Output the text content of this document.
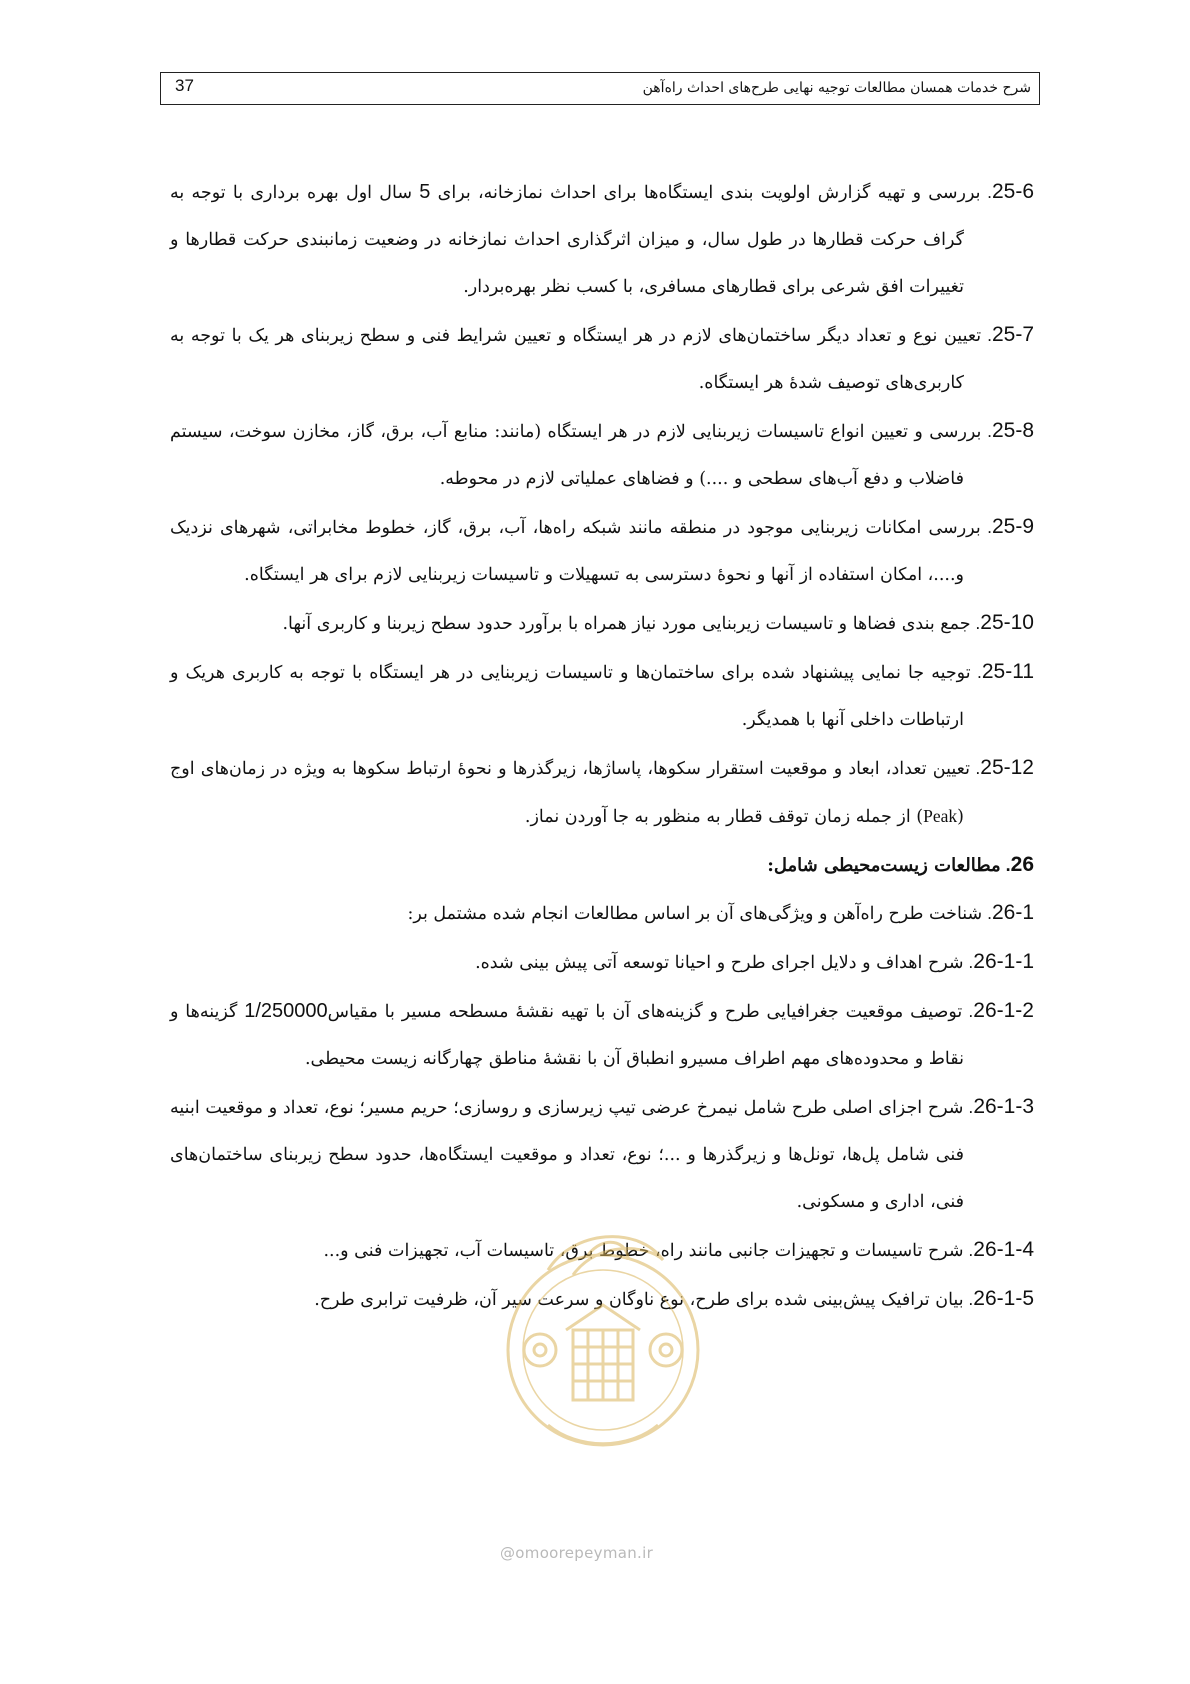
37	شرح خدمات همسان مطالعات توجیه نهایی طرح‌های احداث راه‌آهن

25-6. بررسی و تهیه گزارش اولویت بندی ایستگاه‌ها برای احداث نمازخانه، برای 5 سال اول بهره برداری با توجه به گراف حرکت قطارها در طول سال، و میزان اثرگذاری احداث نمازخانه در وضعیت زمانبندی حرکت قطارها و تغییرات افق شرعی برای قطارهای مسافری، با کسب نظر بهره‌بردار.

25-7. تعیین نوع و تعداد دیگر ساختمان‌های لازم در هر ایستگاه و تعیین شرایط فنی و سطح زیربنای هر یک با توجه به کاربری‌های توصیف شدهٔ هر ایستگاه.

25-8. بررسی و تعیین انواع تاسیسات زیربنایی لازم در هر ایستگاه (مانند: منابع آب، برق، گاز، مخازن سوخت، سیستم فاضلاب و دفع آب‌های سطحی و ....) و فضاهای عملیاتی لازم در محوطه.

25-9. بررسی امکانات زیربنایی موجود در منطقه مانند شبکه راه‌ها، آب، برق، گاز، خطوط مخابراتی، شهرهای نزدیک و....، امکان استفاده از آنها و نحوهٔ دسترسی به تسهیلات و تاسیسات زیربنایی لازم برای هر ایستگاه.

25-10. جمع بندی فضاها و تاسیسات زیربنایی مورد نیاز همراه با برآورد حدود سطح زیربنا و کاربری آنها.

25-11. توجیه جا نمایی پیشنهاد شده برای ساختمان‌ها و تاسیسات زیربنایی در هر ایستگاه با توجه به کاربری هریک و ارتباطات داخلی آنها با همدیگر.

25-12. تعیین تعداد، ابعاد و موقعیت استقرار سکوها، پاساژها، زیرگذرها و نحوهٔ ارتباط سکوها به ویژه در زمان‌های اوج (Peak) از جمله زمان توقف قطار به منظور به جا آوردن نماز.

26. مطالعات زیست‌محیطی شامل:

26-1. شناخت طرح راه‌آهن و ویژگی‌های آن بر اساس مطالعات انجام شده مشتمل بر:

26-1-1. شرح اهداف و دلایل اجرای طرح و احیانا توسعه آتی پیش بینی شده.

26-1-2. توصیف موقعیت جغرافیایی طرح و گزینه‌های آن با تهیه نقشهٔ مسطحه مسیر با مقیاس1/250000 گزینه‌ها و نقاط و محدوده‌های مهم اطراف مسیرو انطباق آن با نقشهٔ مناطق چهارگانه زیست محیطی.

26-1-3. شرح اجزای اصلی طرح شامل نیمرخ عرضی تیپ زیرسازی و روسازی؛ حریم مسیر؛ نوع، تعداد و موقعیت ابنیه فنی شامل پل‌ها، تونل‌ها و زیرگذرها و ...؛ نوع، تعداد و موقعیت ایستگاه‌ها، حدود سطح زیربنای ساختمان‌های فنی، اداری و مسکونی.

26-1-4. شرح تاسیسات و تجهیزات جانبی مانند راه، خطوط برق، تاسیسات آب، تجهیزات فنی و...

26-1-5. بیان ترافیک پیش‌بینی شده برای طرح، نوع ناوگان و سرعت سیر آن، ظرفیت ترابری طرح.

@omoorepeyman.ir
